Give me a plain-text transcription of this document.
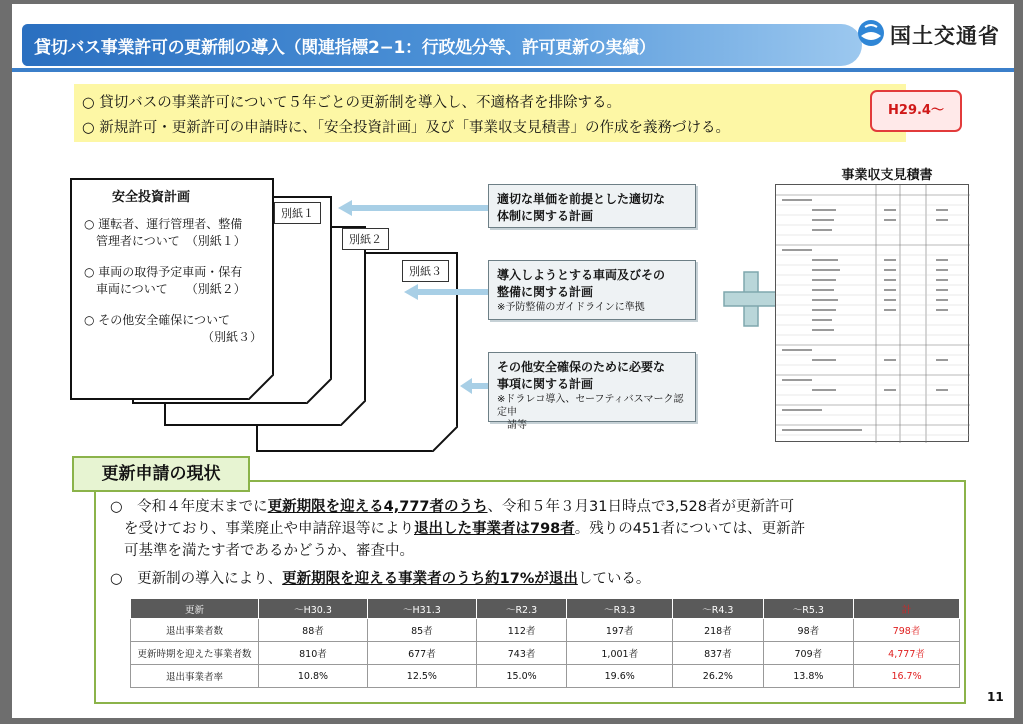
貸切バス事業許可の更新制の導入（関連指標2−1：行政処分等、許可更新の実績）	国土交通省
○ 貸切バスの事業許可について５年ごとの更新制を導入し、不適格者を排除する。
○ 新規許可・更新許可の申請時に、「安全投資計画」及び「事業収支見積書」の作成を義務づける。
H29.4～
別紙３
別紙２
別紙１
安全投資計画
○ 運転者、運行管理者、整備
管理者について　（別紙１）
○ 車両の取得予定車両・保有
車両について　　（別紙２）
○ その他安全確保について
（別紙３）
適切な単価を前提とした適切な
体制に関する計画
導入しようとする車両及びその
整備に関する計画
※予防整備のガイドラインに準拠
その他安全確保のために必要な
事項に関する計画
※ドラレコ導入、セーフティバスマーク認定申
　請等
事業収支見積書
更新申請の現状
○　令和４年度末までに更新期限を迎える4,777者のうち、令和５年３月31日時点で3,528者が更新許可
を受けており、事業廃止や申請辞退等により退出した事業者は798者。残りの451者については、更新許
可基準を満たす者であるかどうか、審査中。
○　更新制の導入により、更新期限を迎える事業者のうち約17%が退出している。
更新	～H30.3	～H31.3	～R2.3	～R3.3	～R4.3	～R5.3	計
退出事業者数	88者	85者	112者	197者	218者	98者	798者
更新時期を迎えた事業者数	810者	677者	743者	1,001者	837者	709者	4,777者
退出事業者率	10.8%	12.5%	15.0%	19.6%	26.2%	13.8%	16.7%
11
